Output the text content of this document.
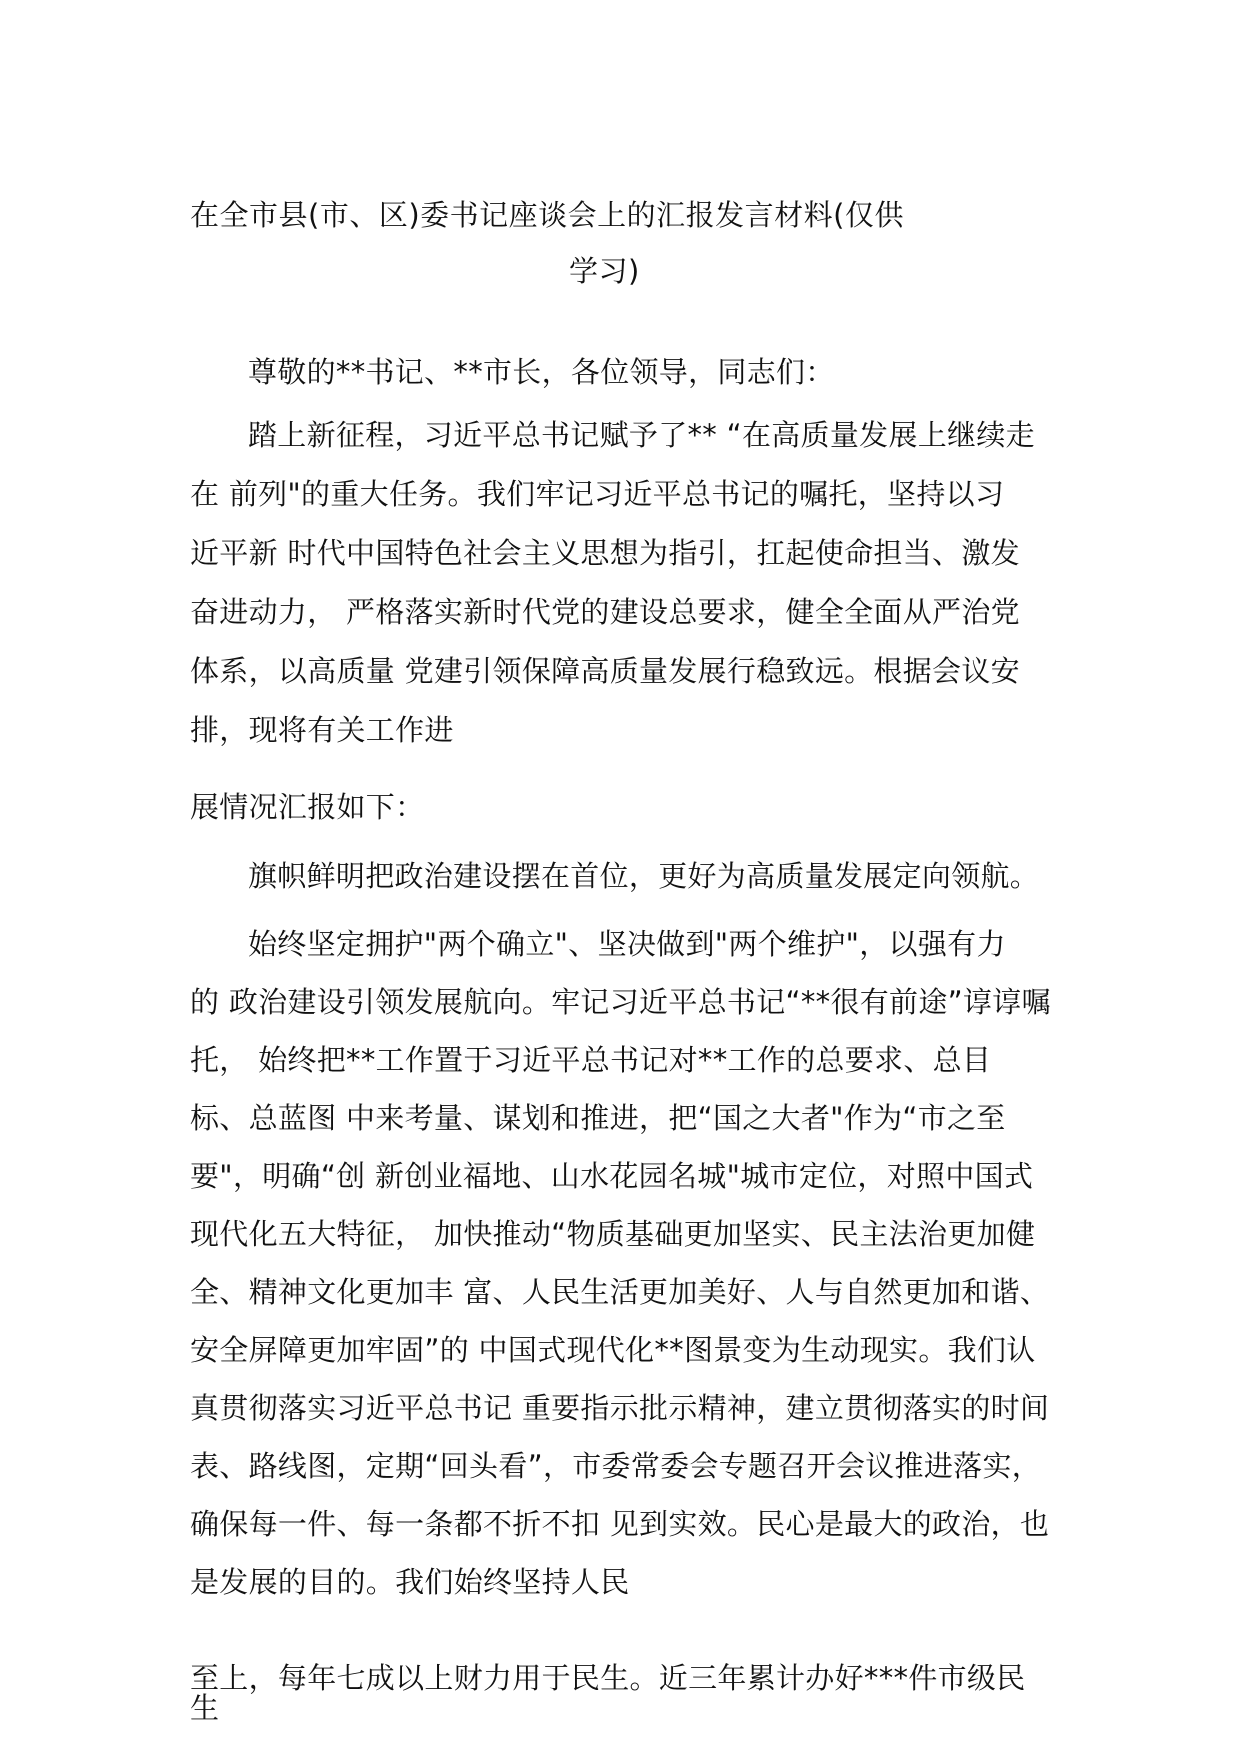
在全市县(市、区)委书记座谈会上的汇报发言材料(仅供
学习)
尊敬的**书记、**市长，各位领导，同志们：
踏上新征程，习近平总书记赋予了** “在高质量发展上继续走
在 前列"的重大任务。我们牢记习近平总书记的嘱托，坚持以习
近平新 时代中国特色社会主义思想为指引，扛起使命担当、激发
奋进动力， 严格落实新时代党的建设总要求，健全全面从严治党
体系，以高质量 党建引领保障高质量发展行稳致远。根据会议安
排，现将有关工作进
展情况汇报如下：
旗帜鲜明把政治建设摆在首位，更好为高质量发展定向领航。
始终坚定拥护"两个确立"、坚决做到"两个维护"，以强有力
的 政治建设引领发展航向。牢记习近平总书记“**很有前途”谆谆嘱
托， 始终把**工作置于习近平总书记对**工作的总要求、总目
标、总蓝图 中来考量、谋划和推进，把“国之大者"作为“市之至
要"，明确“创 新创业福地、山水花园名城"城市定位，对照中国式
现代化五大特征， 加快推动“物质基础更加坚实、民主法治更加健
全、精神文化更加丰 富、人民生活更加美好、人与自然更加和谐、
安全屏障更加牢固”的 中国式现代化**图景变为生动现实。我们认
真贯彻落实习近平总书记 重要指示批示精神，建立贯彻落实的时间
表、路线图，定期“回头看”，市委常委会专题召开会议推进落实，
确保每一件、每一条都不折不扣 见到实效。民心是最大的政治，也
是发展的目的。我们始终坚持人民
至上，每年七成以上财力用于民生。近三年累计办好***件市级民
生
